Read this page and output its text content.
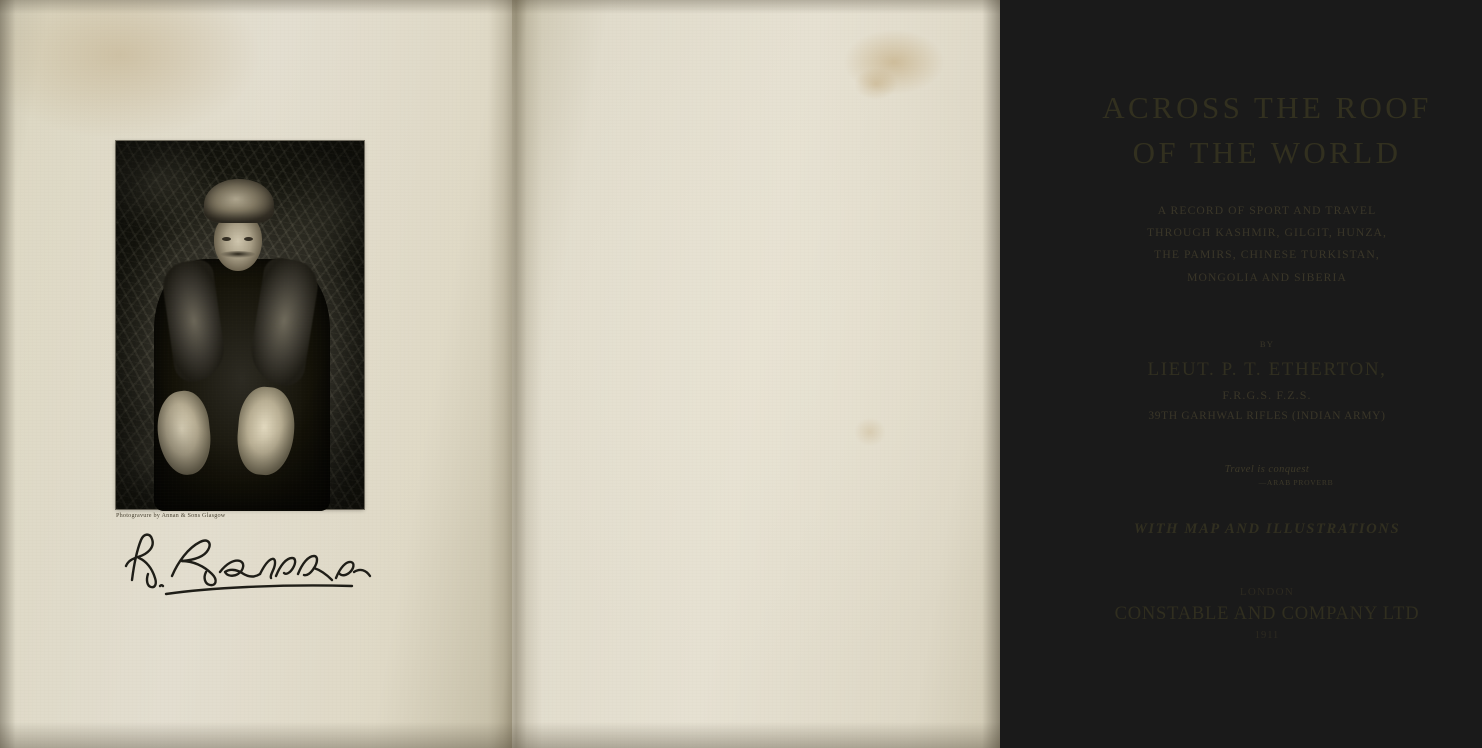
Photogravure by Annan & Sons Glasgow
ACROSS THE ROOF
OF THE WORLD
A RECORD OF SPORT AND TRAVEL
THROUGH KASHMIR, GILGIT, HUNZA,
THE PAMIRS, CHINESE TURKISTAN,
MONGOLIA AND SIBERIA
BY
LIEUT. P. T. ETHERTON,
F.R.G.S. F.Z.S.
39TH GARHWAL RIFLES (INDIAN ARMY)
Travel is conquest
—ARAB PROVERB
WITH MAP AND ILLUSTRATIONS
LONDON
CONSTABLE AND COMPANY LTD
1911
